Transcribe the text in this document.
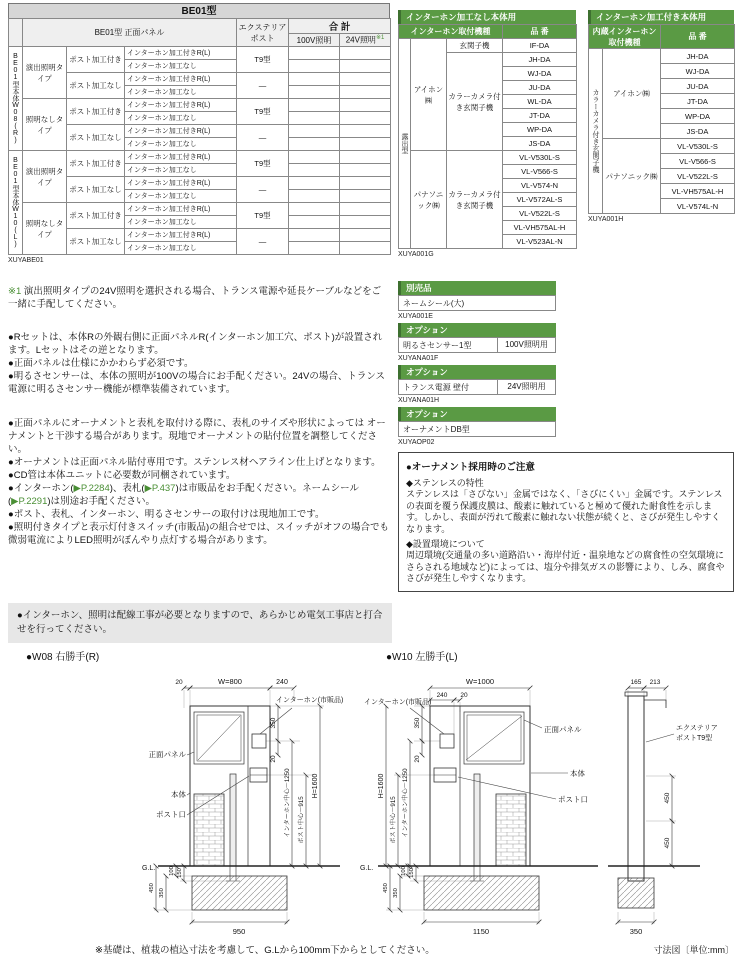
BE01型
	BE01型 正面パネル			エクステリアポスト	合 計	
					100V照明	24V照明$^{※1}$
BE01型本体W08(R)	演出照明タイプ	ポスト加工付き	インターホン加工付きR(L)	T9型		
			インターホン加工なし			
		ポスト加工なし	インターホン加工付きR(L)	—		
			インターホン加工なし			
	照明なしタイプ	ポスト加工付き	インターホン加工付きR(L)	T9型		
			インターホン加工なし			
		ポスト加工なし	インターホン加工付きR(L)	—		
			インターホン加工なし			
BE01型本体W10(L)	演出照明タイプ	ポスト加工付き	インターホン加工付きR(L)	T9型		
			インターホン加工なし			
		ポスト加工なし	インターホン加工付きR(L)	—		
			インターホン加工なし			
	照明なしタイプ	ポスト加工付き	インターホン加工付きR(L)	T9型		
			インターホン加工なし			
		ポスト加工なし	インターホン加工付きR(L)	—		
			インターホン加工なし			
XUYABE01
インターホン加工なし本体用
インターホン取付機種			品 番
露出型	アイホン㈱	玄関子機	IF-DA
		カラーカメラ付き玄関子機	JH-DA
			WJ-DA
			JU-DA
			WL-DA
			JT-DA
			WP-DA
			JS-DA
	パナソニック㈱	カラーカメラ付き玄関子機	VL-V530L-S
			VL-V566-S
			VL-V574-N
			VL-V572AL-S
			VL-V522L-S
			VL-VH575AL-H
			VL-V523AL-N
XUYA001G
インターホン加工付き本体用
内蔵インターホン取付機種		品 番
カラーカメラ付き玄関子機	アイホン㈱	JH-DA
		WJ-DA
		JU-DA
		JT-DA
		WP-DA
		JS-DA
	パナソニック㈱	VL-V530L-S
		VL-V566-S
		VL-V522L-S
		VL-VH575AL-H
		VL-V574L-N
XUYA001H
別売品
ネームシール(大)
XUYA001E
オプション
明るさセンサー1型	100V照明用
XUYANA01F
オプション
トランス電源 壁付	24V照明用
XUYANA01H
オプション
オーナメントDB型
XUYAOP02
●オーナメント採用時のご注意
◆ステンレスの特性
ステンレスは「さびない」金属ではなく、「さびにくい」金属です。ステンレスの表面を覆う保護皮膜は、酸素に触れていると極めて優れた耐食性を示します。しかし、表面が汚れて酸素に触れない状態が続くと、さびが発生しやすくなります。
◆設置環境について
周辺環境(交通量の多い道路沿い・海岸付近・温泉地などの腐食性の空気環境にさらされる地域など)によっては、塩分や排気ガスの影響により、しみ、腐食やさびが発生しやすくなります。
※1 演出照明タイプの24V照明を選択される場合、トランス電源や延長ケーブルなどをご一緒に手配してください。
●Rセットは、本体Rの外観右側に正面パネルR(インターホン加工穴、ポスト)が設置されます。Lセットはその逆となります。
●正面パネルは仕様にかかわらず必須です。
●明るさセンサーは、本体の照明が100Vの場合にお手配ください。24Vの場合、トランス電源に明るさセンサー機能が標準装備されています。
●正面パネルにオーナメントと表札を取付ける際に、表札のサイズや形状によっては オーナメントと干渉する場合があります。現地でオーナメントの貼付位置を調整してください。
●オーナメントは正面パネル貼付専用です。ステンレス材ヘアライン仕上げとなります。
●CD管は本体ユニットに必要数が同梱されています。
●インターホン(▶P.2284)、表札(▶P.437)は市販品をお手配ください。ネームシール(▶P.2291)は別途お手配ください。
●ポスト、表札、インターホン、明るさセンサーの取付けは現地加工です。
●照明付きタイプと表示灯付きスイッチ(市販品)の組合せでは、スイッチがオフの場合でも微弱電流によりLED照明がぼんやり点灯する場合があります。
●インターホン、照明は配線工事が必要となりますので、あらかじめ電気工事店と打合せを行ってください。
●W08 右勝手(R)	●W10 左勝手(L)
20	W=800	240
インターホン(市販品)
正面パネル
本体
ポスト口
G.L.
950
350
20
インターホン中心〜1250 ポスト中心〜915
H=1600
150
100
350
450
W=1000
240 20
インターホン(市販品)
正面パネル
本体
ポスト口
G.L.
1150
165 213
エクステリア
ポストT9型
350
350
20
インターホン中心〜1250
ポスト中心〜915
H=1600
150
100
350
450
450
450
※基礎は、植栽の植込寸法を考慮して、G.Lから100mm下からとしてください。	寸法図〔単位:mm〕
